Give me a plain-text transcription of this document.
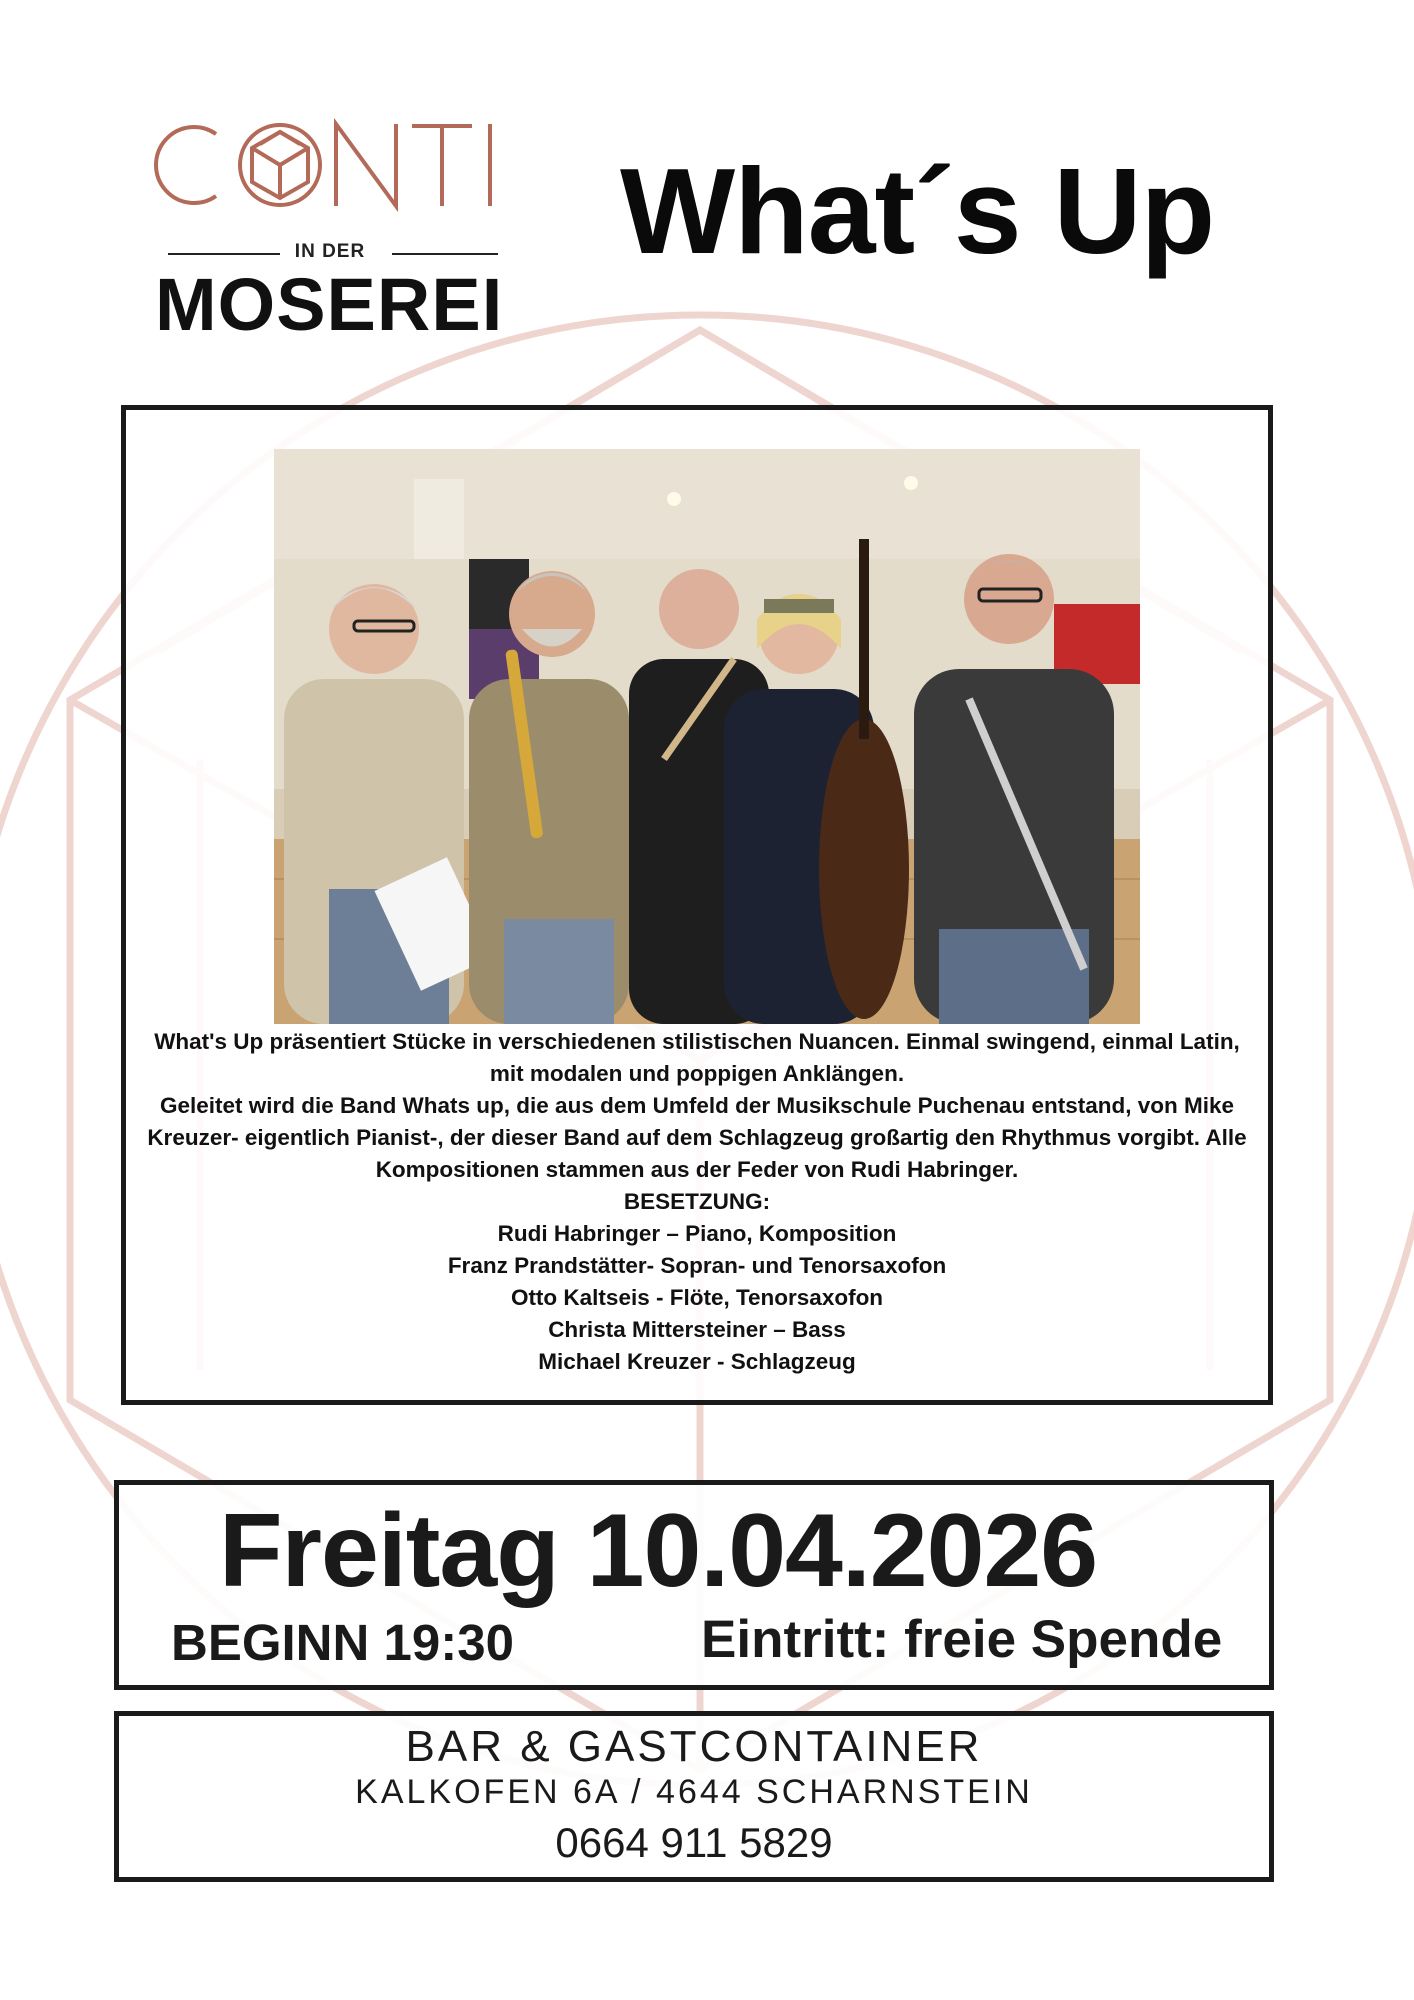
IN DER
MOSEREI
What´s Up

What's Up präsentiert Stücke in verschiedenen stilistischen Nuancen. Einmal swingend, einmal Latin, mit modalen und poppigen Anklängen.

Geleitet wird die Band Whats up, die aus dem Umfeld der Musikschule Puchenau entstand, von Mike Kreuzer- eigentlich Pianist-, der dieser Band auf dem Schlagzeug großartig den Rhythmus vorgibt. Alle Kompositionen stammen aus der Feder von Rudi Habringer.

BESETZUNG:

Rudi Habringer – Piano, Komposition

Franz Prandstätter- Sopran- und Tenorsaxofon

Otto Kaltseis - Flöte, Tenorsaxofon

Christa Mittersteiner – Bass

Michael Kreuzer - Schlagzeug

Freitag 10.04.2026
BEGINN 19:30	Eintritt: freie Spende
BAR & GASTCONTAINER
KALKOFEN 6A / 4644 SCHARNSTEIN
0664 911 5829
